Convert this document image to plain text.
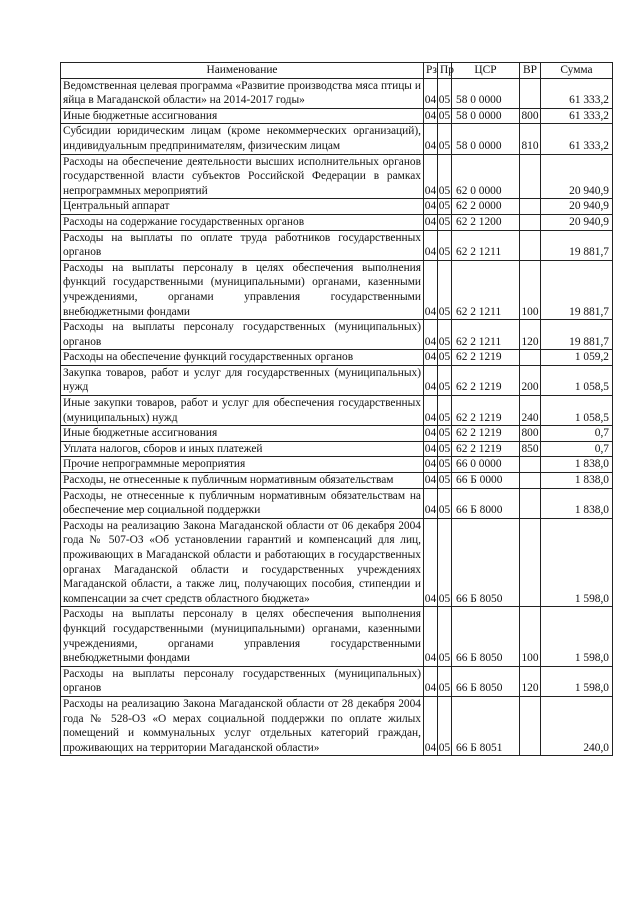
Наименование	Рз	Пр	ЦСР	ВР	Сумма
Ведомственная целевая программа «Развитие производства мяса птицы и яйца в Магаданской области» на 2014-2017 годы»	04	05	58 0 0000		61 333,2
Иные бюджетные ассигнования	04	05	58 0 0000	800	61 333,2
Субсидии юридическим лицам (кроме некоммерческих организаций), индивидуальным предпринимателям, физическим лицам	04	05	58 0 0000	810	61 333,2
Расходы на обеспечение деятельности высших исполнительных органов государственной власти субъектов Российской Федерации в рамках непрограммных мероприятий	04	05	62 0 0000		20 940,9
Центральный аппарат	04	05	62 2 0000		20 940,9
Расходы на содержание государственных органов	04	05	62 2 1200		20 940,9
Расходы на выплаты по оплате труда работников государственных органов	04	05	62 2 1211		19 881,7
Расходы на выплаты персоналу в целях обеспечения выполнения функций государственными (муниципальными) органами, казенными учреждениями, органами управления государственными внебюджетными фондами	04	05	62 2 1211	100	19 881,7
Расходы на выплаты персоналу государственных (муниципальных) органов	04	05	62 2 1211	120	19 881,7
Расходы на обеспечение функций государственных органов	04	05	62 2 1219		1 059,2
Закупка товаров, работ и услуг для государственных (муниципальных) нужд	04	05	62 2 1219	200	1 058,5
Иные закупки товаров, работ и услуг для обеспечения государственных (муниципальных) нужд	04	05	62 2 1219	240	1 058,5
Иные бюджетные ассигнования	04	05	62 2 1219	800	0,7
Уплата налогов, сборов и иных платежей	04	05	62 2 1219	850	0,7
Прочие непрограммные мероприятия	04	05	66 0 0000		1 838,0
Расходы, не отнесенные к публичным нормативным обязательствам	04	05	66 Б 0000		1 838,0
Расходы, не отнесенные к публичным нормативным обязательствам на обеспечение мер социальной поддержки	04	05	66 Б 8000		1 838,0
Расходы на реализацию Закона Магаданской области от 06 декабря 2004 года № 507-ОЗ «Об установлении гарантий и компенсаций для лиц, проживающих в Магаданской области и работающих в государственных органах Магаданской области и государственных учреждениях Магаданской области, а также лиц, получающих пособия, стипендии и компенсации за счет средств областного бюджета»	04	05	66 Б 8050		1 598,0
Расходы на выплаты персоналу в целях обеспечения выполнения функций государственными (муниципальными) органами, казенными учреждениями, органами управления государственными внебюджетными фондами	04	05	66 Б 8050	100	1 598,0
Расходы на выплаты персоналу государственных (муниципальных) органов	04	05	66 Б 8050	120	1 598,0
Расходы на реализацию Закона Магаданской области от 28 декабря 2004 года № 528-ОЗ «О мерах социальной поддержки по оплате жилых помещений и коммунальных услуг отдельных категорий граждан, проживающих на территории Магаданской области»	04	05	66 Б 8051		240,0
